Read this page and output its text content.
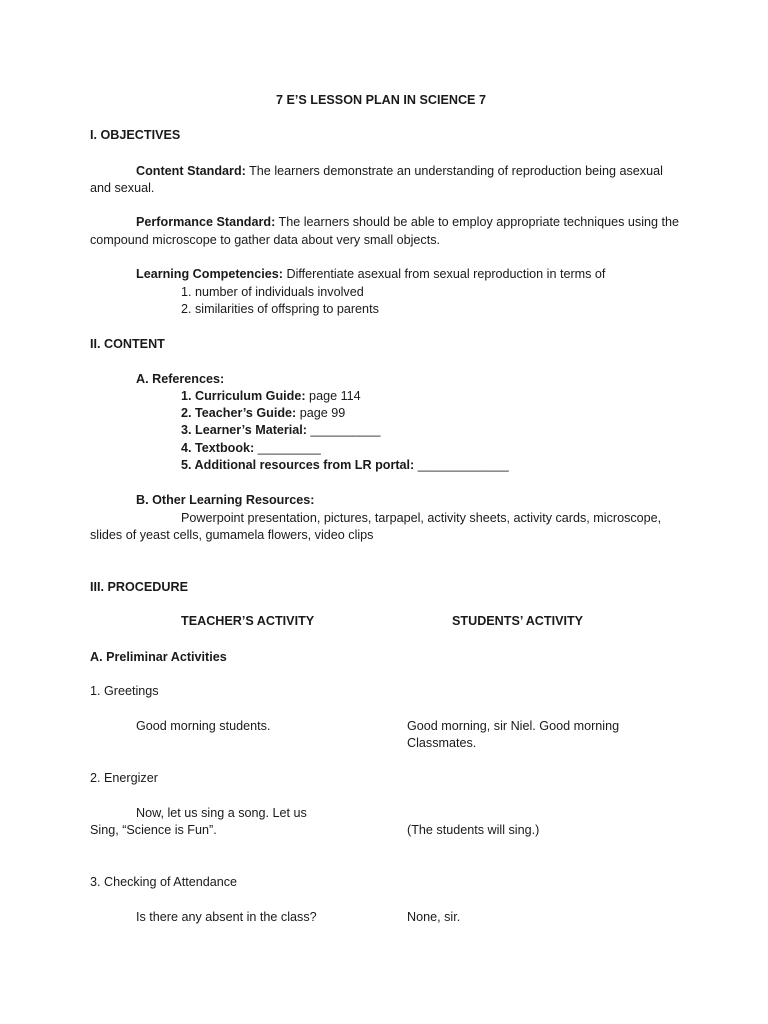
7 E’S LESSON PLAN IN SCIENCE 7
I. OBJECTIVES
Content Standard: The learners demonstrate an understanding of reproduction being asexual
and sexual.
Performance Standard: The learners should be able to employ appropriate techniques using the
compound microscope to gather data about very small objects.
Learning Competencies: Differentiate asexual from sexual reproduction in terms of
1. number of individuals involved
2. similarities of offspring to parents
II. CONTENT
A. References:
1. Curriculum Guide: page 114
2. Teacher’s Guide: page 99
3. Learner’s Material: __________
4. Textbook: _________
5. Additional resources from LR portal: _____________
B. Other Learning Resources:
Powerpoint presentation, pictures, tarpapel, activity sheets, activity cards, microscope,
slides of yeast cells, gumamela flowers, video clips
III. PROCEDURE
TEACHER’S ACTIVITY	STUDENTS’ ACTIVITY
A. Preliminar Activities
1. Greetings
Good morning students.	Good morning, sir Niel. Good morning
Classmates.
2. Energizer
Now, let us sing a song. Let us
Sing, “Science is Fun”.	(The students will sing.)
3. Checking of Attendance
Is there any absent in the class?	None, sir.
